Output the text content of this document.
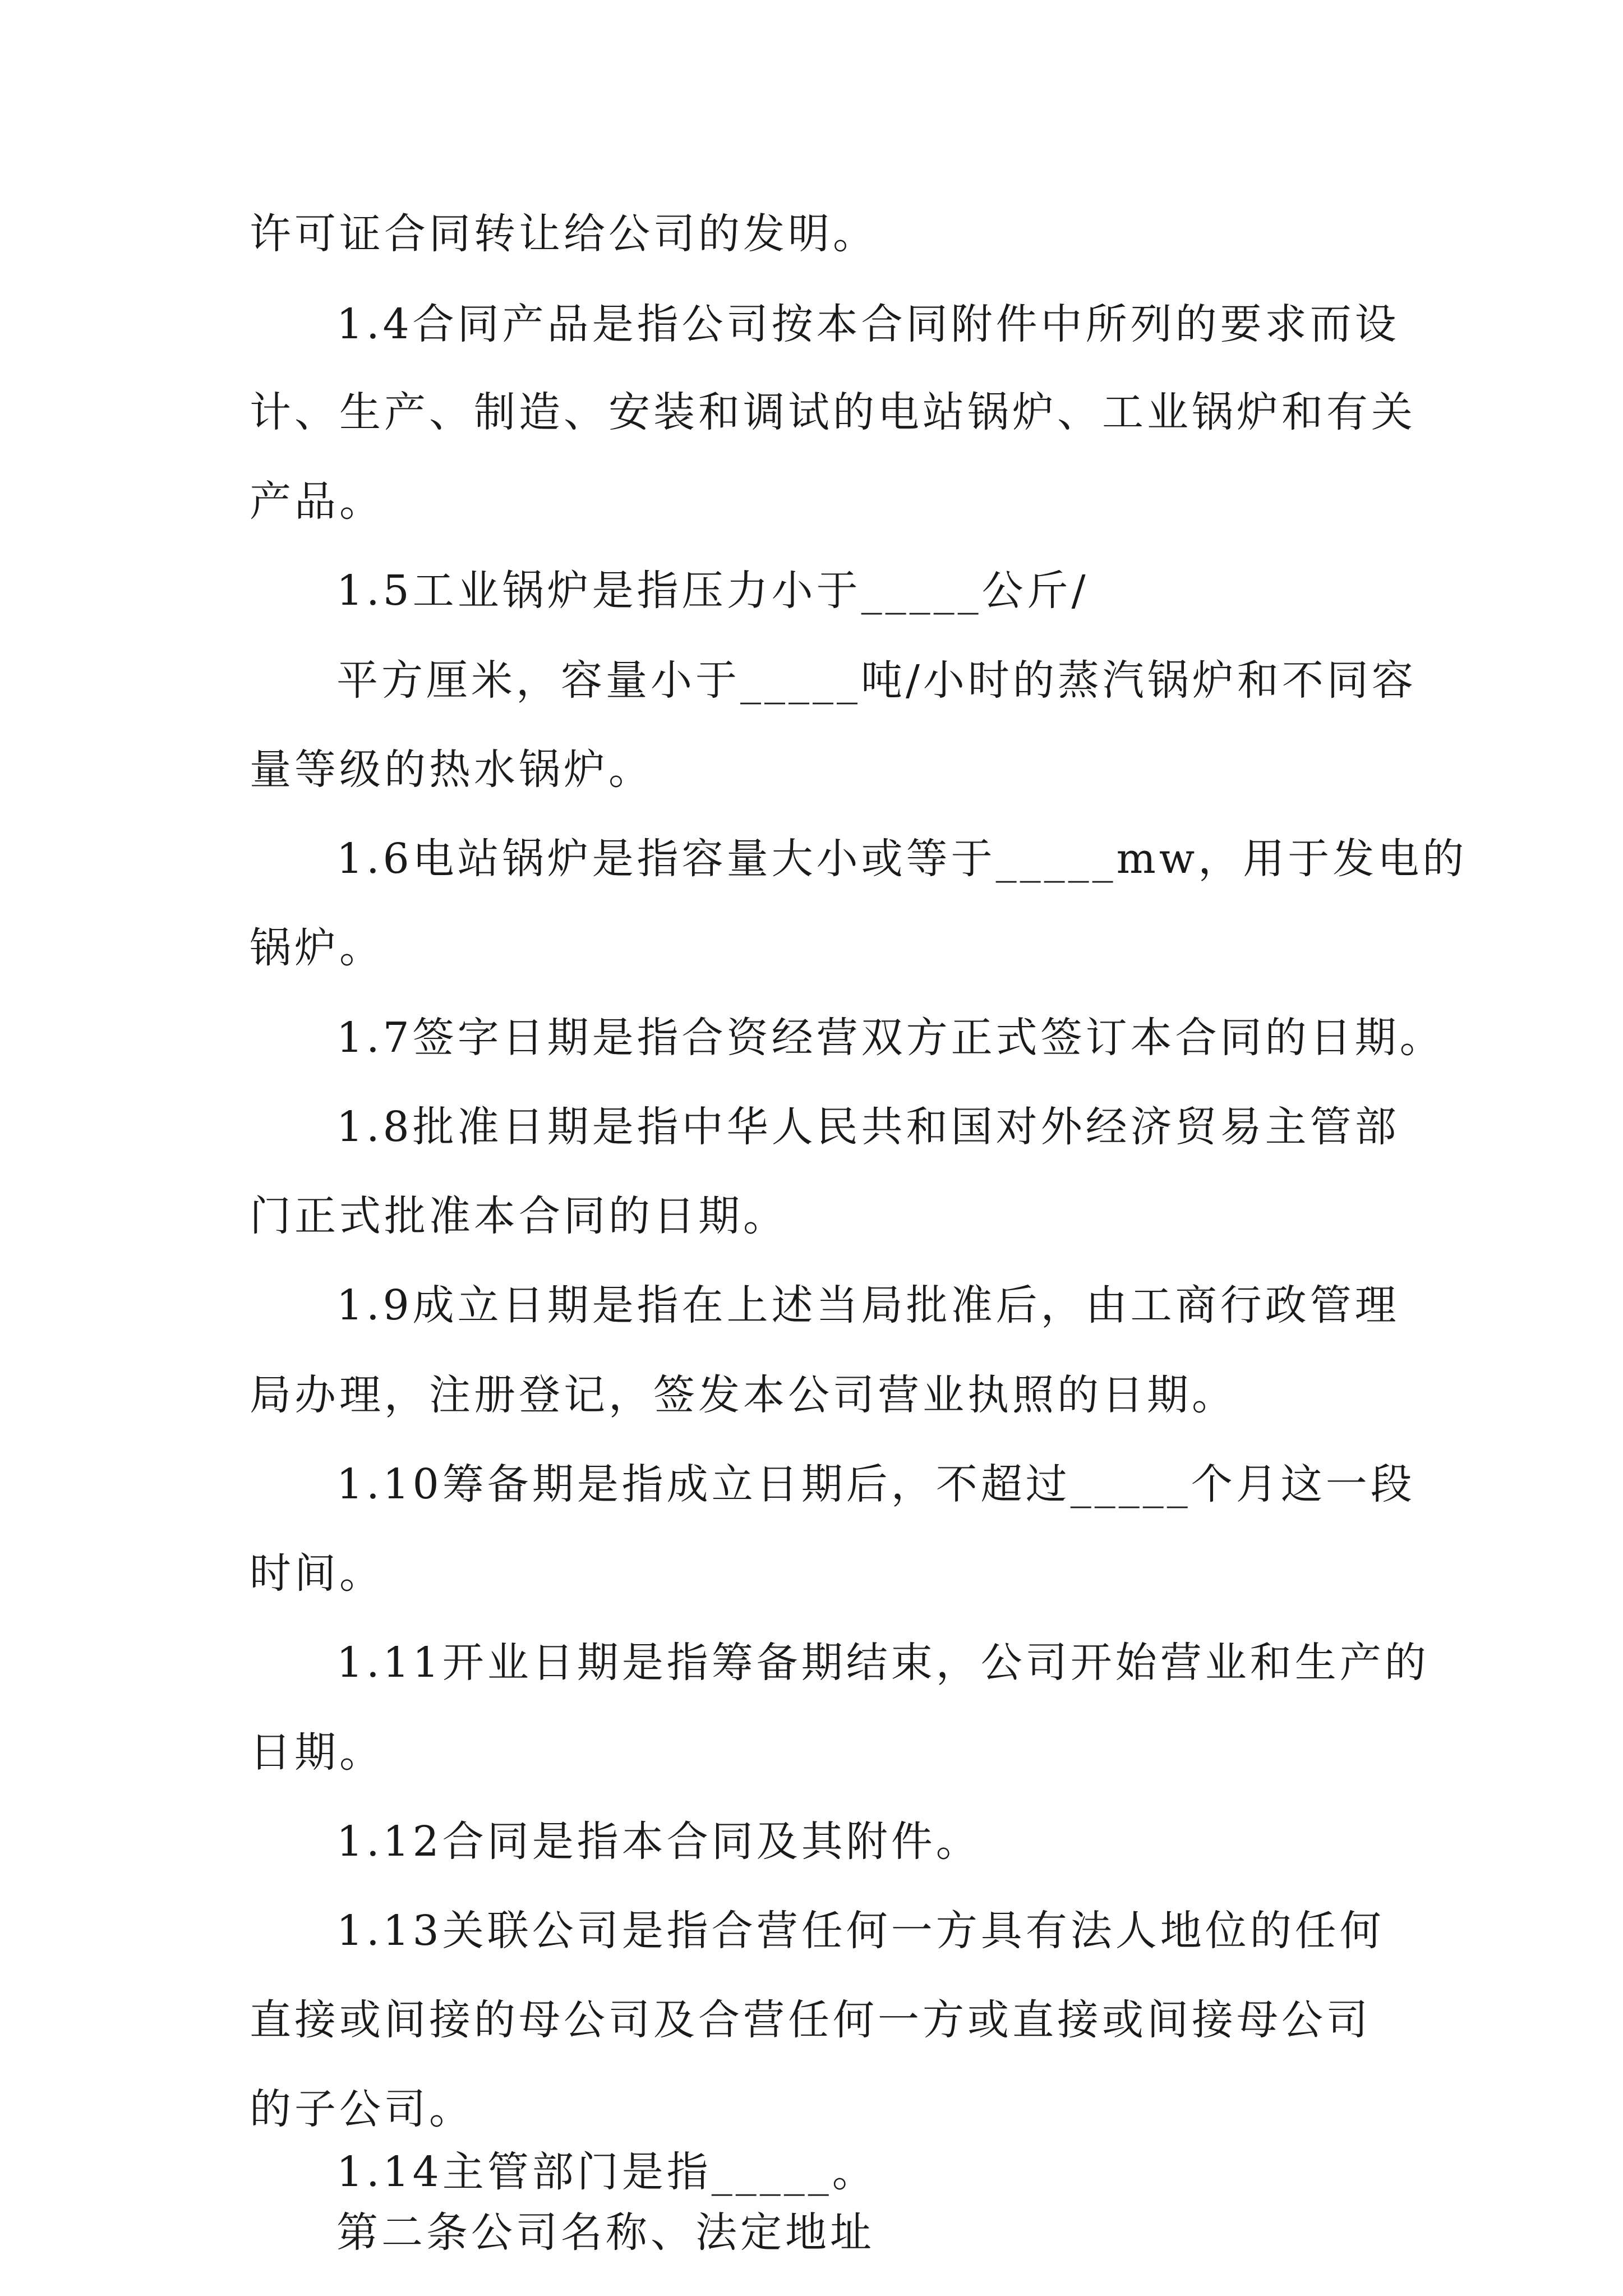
许可证合同转让给公司的发明。
1.4合同产品是指公司按本合同附件中所列的要求而设
计、生产、制造、安装和调试的电站锅炉、工业锅炉和有关
产品。
1.5工业锅炉是指压力小于_____公斤/
平方厘米，容量小于_____吨/小时的蒸汽锅炉和不同容
量等级的热水锅炉。
1.6电站锅炉是指容量大小或等于_____mw，用于发电的
锅炉。
1.7签字日期是指合资经营双方正式签订本合同的日期。
1.8批准日期是指中华人民共和国对外经济贸易主管部
门正式批准本合同的日期。
1.9成立日期是指在上述当局批准后，由工商行政管理
局办理，注册登记，签发本公司营业执照的日期。
1.10筹备期是指成立日期后，不超过_____个月这一段
时间。
1.11开业日期是指筹备期结束，公司开始营业和生产的
日期。
1.12合同是指本合同及其附件。
1.13关联公司是指合营任何一方具有法人地位的任何
直接或间接的母公司及合营任何一方或直接或间接母公司
的子公司。
1.14主管部门是指_____。
第二条公司名称、法定地址
